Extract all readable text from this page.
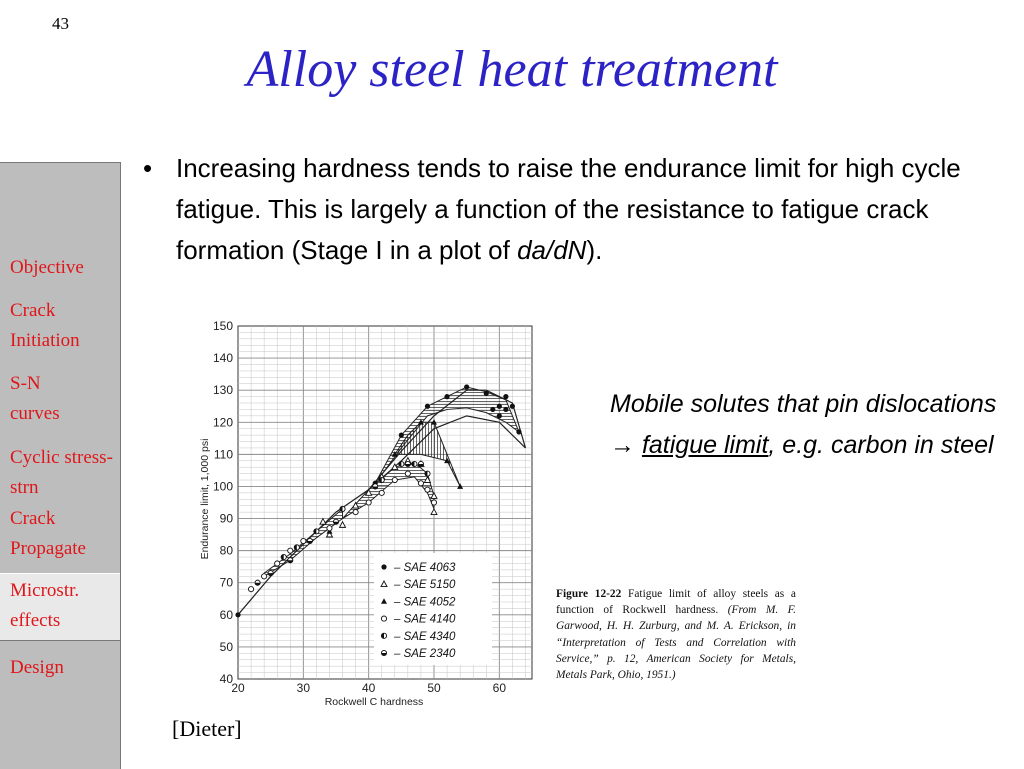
43
Alloy steel heat treatment
Objective
Crack Initiation
S-N curves
Cyclic stress-strn
Crack Propagate
Microstr. effects
Design
• Increasing hardness tends to raise the endurance limit for high cycle fatigue. This is largely a function of the resistance to fatigue crack formation (Stage I in a plot of da/dN).
20	30	40	50	60
40
50
60
70
80
90
100
110
120
130
140
150
– SAE 4063
– SAE 5150
– SAE 4052
– SAE 4140
– SAE 4340
– SAE 2340
Endurance limit, 1,000 psi
Rockwell C hardness
Figure 12-22 Fatigue limit of alloy steels as a function of Rockwell hardness. (From M. F. Garwood, H. H. Zurburg, and M. A. Erickson, in “Interpretation of Tests and Correlation with Service,” p. 12, American Society for Metals, Metals Park, Ohio, 1951.)
Mobile solutes that pin dislocations → fatigue limit, e.g. carbon in steel
[Dieter]
